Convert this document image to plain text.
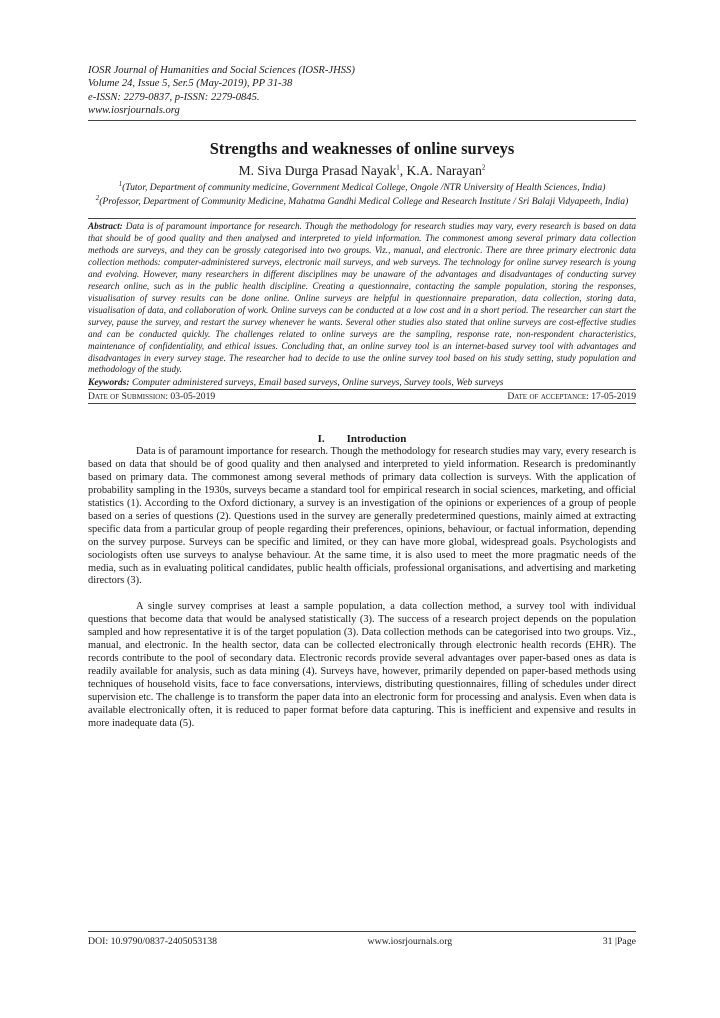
IOSR Journal of Humanities and Social Sciences (IOSR-JHSS)
Volume 24, Issue 5, Ser.5 (May-2019), PP 31-38
e-ISSN: 2279-0837, p-ISSN: 2279-0845.
www.iosrjournals.org
Strengths and weaknesses of online surveys
M. Siva Durga Prasad Nayak$^1$, K.A. Narayan$^2$
$^1$(Tutor, Department of community medicine, Government Medical College, Ongole /NTR University of Health Sciences, India)
$^2$(Professor, Department of Community Medicine, Mahatma Gandhi Medical College and Research Institute / Sri Balaji Vidyapeeth, India)

Abstract: Data is of paramount importance for research. Though the methodology for research studies may vary, every research is based on data that should be of good quality and then analysed and interpreted to yield information. The commonest among several primary data collection methods are surveys, and they can be grossly categorised into two groups. Viz., manual, and electronic. There are three primary electronic data collection methods: computer-administered surveys, electronic mail surveys, and web surveys. The technology for online survey research is young and evolving. However, many researchers in different disciplines may be unaware of the advantages and disadvantages of conducting survey research online, such as in the public health discipline. Creating a questionnaire, contacting the sample population, storing the responses, visualisation of survey results can be done online. Online surveys are helpful in questionnaire preparation, data collection, storing data, visualisation of data, and collaboration of work. Online surveys can be conducted at a low cost and in a short period. The researcher can start the survey, pause the survey, and restart the survey whenever he wants. Several other studies also stated that online surveys are cost-effective studies and can be conducted quickly. The challenges related to online surveys are the sampling, response rate, non-respondent characteristics, maintenance of confidentiality, and ethical issues. Concluding that, an online survey tool is an internet-based survey tool with advantages and disadvantages in every survey stage. The researcher had to decide to use the online survey tool based on his study setting, study population and methodology of the study.

Keywords: Computer administered surveys, Email based surveys, Online surveys, Survey tools, Web surveys
Date of Submission: 03-05-2019	Date of acceptance: 17-05-2019
I. Introduction

Data is of paramount importance for research. Though the methodology for research studies may vary, every research is based on data that should be of good quality and then analysed and interpreted to yield information. Research is predominantly based on primary data. The commonest among several methods of primary data collection is surveys. With the application of probability sampling in the 1930s, surveys became a standard tool for empirical research in social sciences, marketing, and official statistics (1). According to the Oxford dictionary, a survey is an investigation of the opinions or experiences of a group of people based on a series of questions (2). Questions used in the survey are generally predetermined questions, mainly aimed at extracting specific data from a particular group of people regarding their preferences, opinions, behaviour, or factual information, depending on the survey purpose. Surveys can be specific and limited, or they can have more global, widespread goals. Psychologists and sociologists often use surveys to analyse behaviour. At the same time, it is also used to meet the more pragmatic needs of the media, such as in evaluating political candidates, public health officials, professional organisations, and advertising and marketing directors (3).

A single survey comprises at least a sample population, a data collection method, a survey tool with individual questions that become data that would be analysed statistically (3). The success of a research project depends on the population sampled and how representative it is of the target population (3). Data collection methods can be categorised into two groups. Viz., manual, and electronic. In the health sector, data can be collected electronically through electronic health records (EHR). The records contribute to the pool of secondary data. Electronic records provide several advantages over paper-based ones as data is readily available for analysis, such as data mining (4). Surveys have, however, primarily depended on paper-based methods using techniques of household visits, face to face conversations, interviews, distributing questionnaires, filling of schedules under direct supervision etc. The challenge is to transform the paper data into an electronic form for processing and analysis. Even when data is available electronically often, it is reduced to paper format before data capturing. This is inefficient and expensive and results in more inadequate data (5).

DOI: 10.9790/0837-2405053138	www.iosrjournals.org	31 |Page
